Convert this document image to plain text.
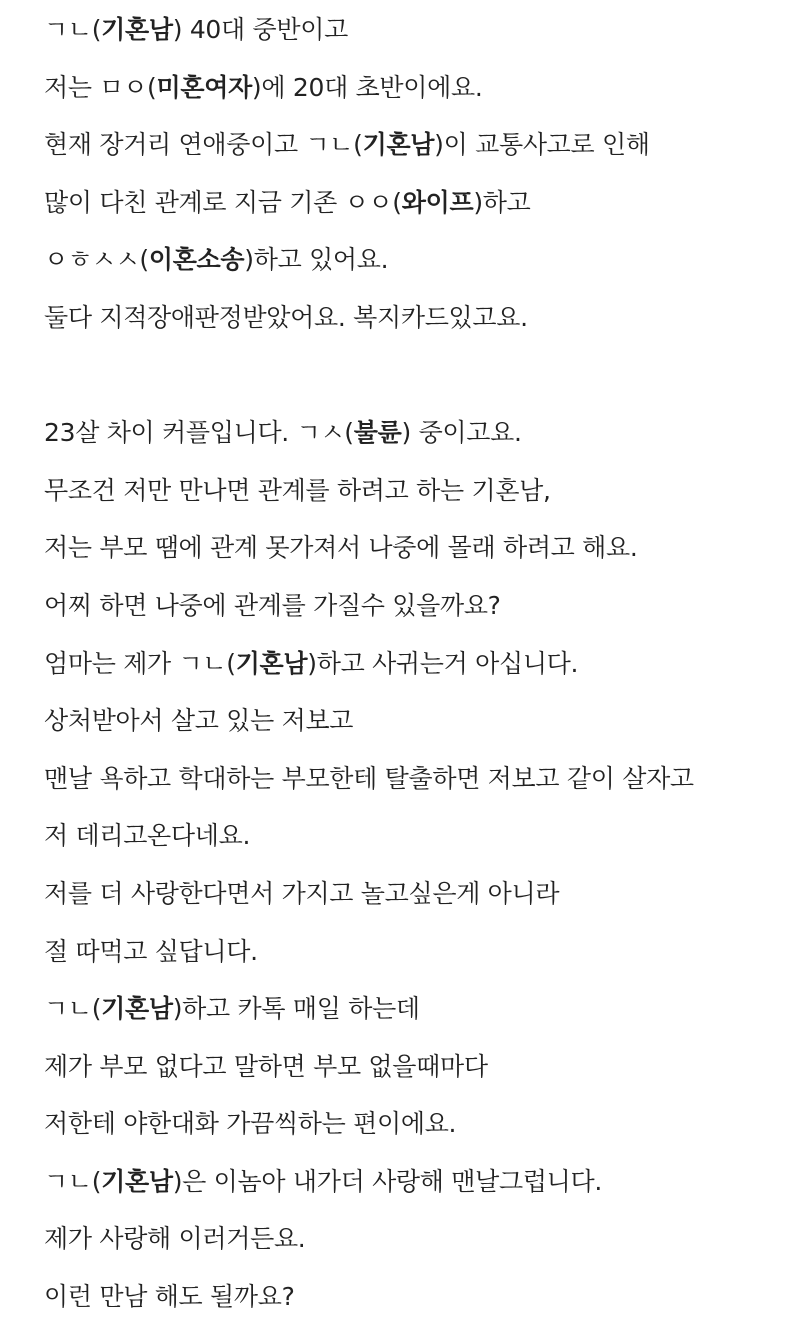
ㄱㄴ(기혼남) 40대 중반이고
저는 ㅁㅇ(미혼여자)에 20대 초반이에요.
현재 장거리 연애중이고 ㄱㄴ(기혼남)이 교통사고로 인해
많이 다친 관계로 지금 기존 ㅇㅇ(와이프)하고
ㅇㅎㅅㅅ(이혼소송)하고 있어요.
둘다 지적장애판정받았어요. 복지카드있고요.
23살 차이 커플입니다. ㄱㅅ(불륜) 중이고요.
무조건 저만 만나면 관계를 하려고 하는 기혼남,
저는 부모 땜에 관계 못가져서 나중에 몰래 하려고 해요.
어찌 하면 나중에 관계를 가질수 있을까요?
엄마는 제가 ㄱㄴ(기혼남)하고 사귀는거 아십니다.
상처받아서 살고 있는 저보고
맨날 욕하고 학대하는 부모한테 탈출하면 저보고 같이 살자고
저 데리고온다네요.
저를 더 사랑한다면서 가지고 놀고싶은게 아니라
절 따먹고 싶답니다.
ㄱㄴ(기혼남)하고 카톡 매일 하는데
제가 부모 없다고 말하면 부모 없을때마다
저한테 야한대화 가끔씩하는 편이에요.
ㄱㄴ(기혼남)은 이놈아 내가더 사랑해 맨날그럽니다.
제가 사랑해 이러거든요.
이런 만남 해도 될까요?
